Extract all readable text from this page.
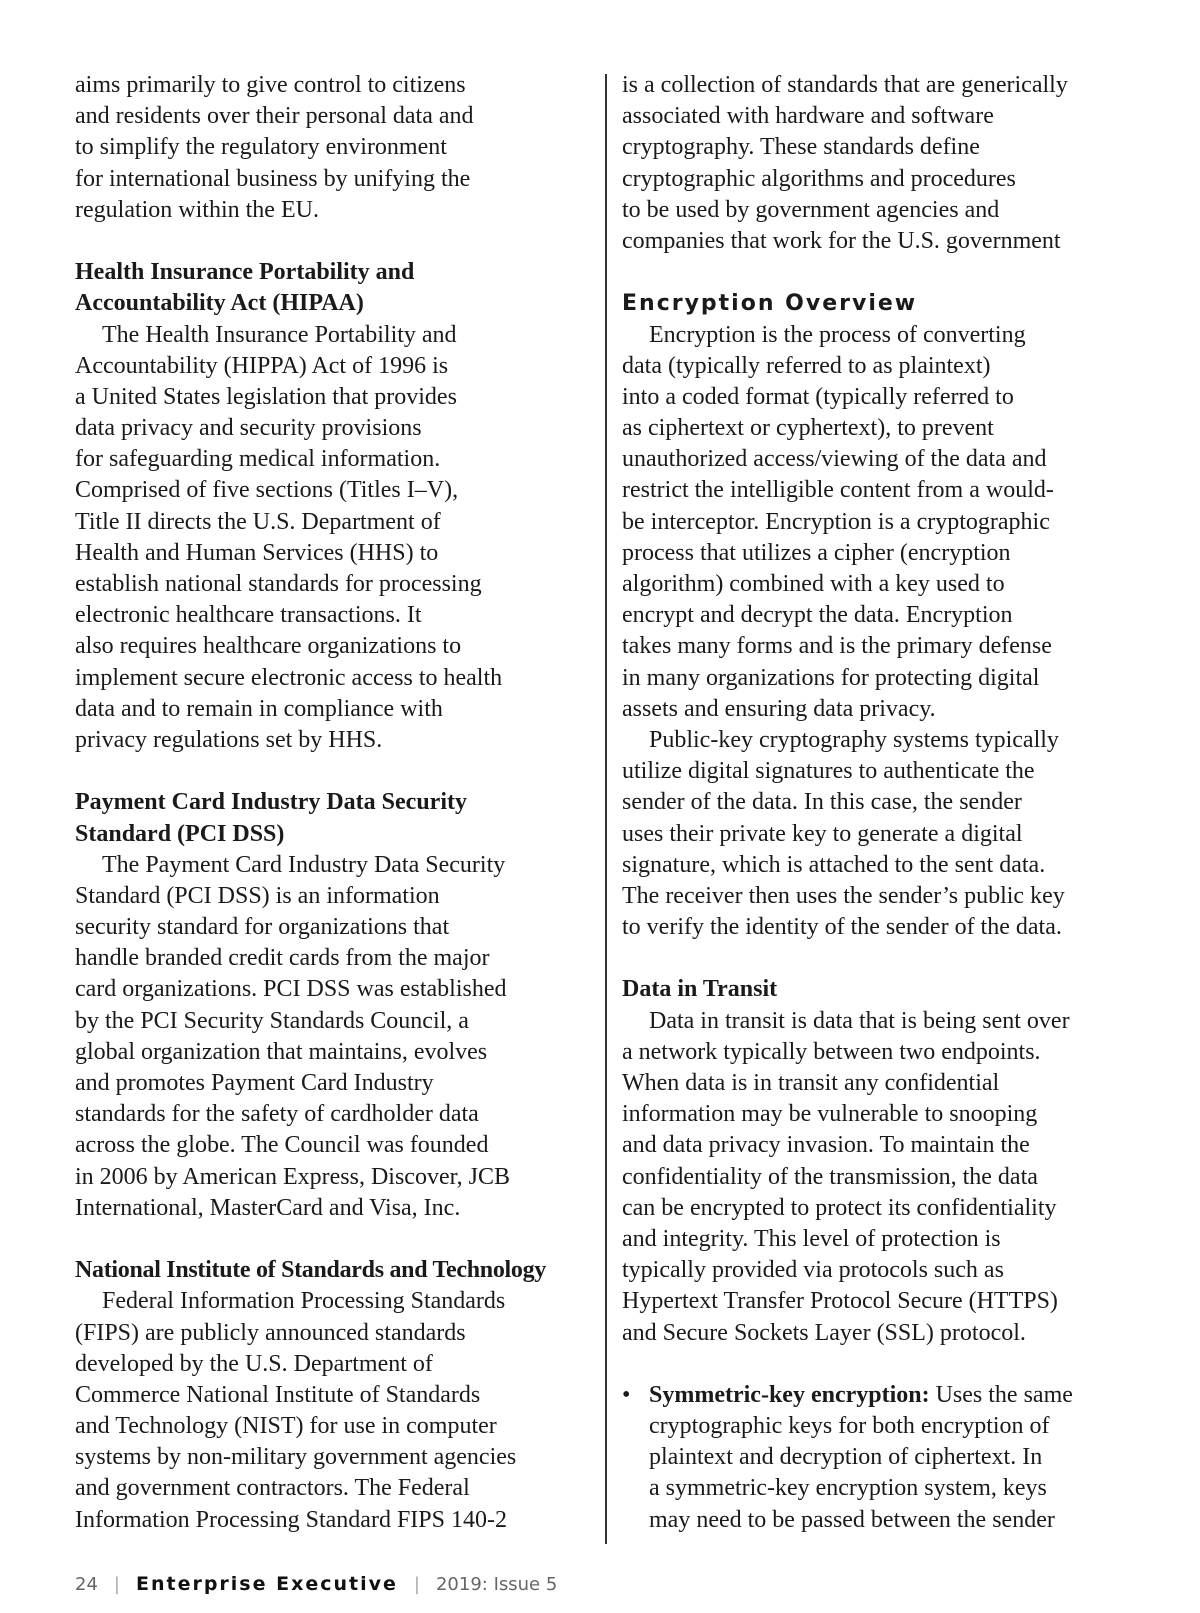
aims primarily to give control to citizens
and residents over their personal data and
to simplify the regulatory environment
for international business by unifying the
regulation within the EU.
Health Insurance Portability and
Accountability Act (HIPAA)
The Health Insurance Portability and
Accountability (HIPPA) Act of 1996 is
a United States legislation that provides
data privacy and security provisions
for safeguarding medical information.
Comprised of five sections (Titles I–V),
Title II directs the U.S. Department of
Health and Human Services (HHS) to
establish national standards for processing
electronic healthcare transactions. It
also requires healthcare organizations to
implement secure electronic access to health
data and to remain in compliance with
privacy regulations set by HHS.
Payment Card Industry Data Security
Standard (PCI DSS)
The Payment Card Industry Data Security
Standard (PCI DSS) is an information
security standard for organizations that
handle branded credit cards from the major
card organizations. PCI DSS was established
by the PCI Security Standards Council, a
global organization that maintains, evolves
and promotes Payment Card Industry
standards for the safety of cardholder data
across the globe. The Council was founded
in 2006 by American Express, Discover, JCB
International, MasterCard and Visa, Inc.
National Institute of Standards and Technology
Federal Information Processing Standards
(FIPS) are publicly announced standards
developed by the U.S. Department of
Commerce National Institute of Standards
and Technology (NIST) for use in computer
systems by non-military government agencies
and government contractors. The Federal
Information Processing Standard FIPS 140-2
is a collection of standards that are generically
associated with hardware and software
cryptography. These standards define
cryptographic algorithms and procedures
to be used by government agencies and
companies that work for the U.S. government
Encryption Overview
Encryption is the process of converting
data (typically referred to as plaintext)
into a coded format (typically referred to
as ciphertext or cyphertext), to prevent
unauthorized access/viewing of the data and
restrict the intelligible content from a would-
be interceptor. Encryption is a cryptographic
process that utilizes a cipher (encryption
algorithm) combined with a key used to
encrypt and decrypt the data. Encryption
takes many forms and is the primary defense
in many organizations for protecting digital
assets and ensuring data privacy.
Public-key cryptography systems typically
utilize digital signatures to authenticate the
sender of the data. In this case, the sender
uses their private key to generate a digital
signature, which is attached to the sent data.
The receiver then uses the sender’s public key
to verify the identity of the sender of the data.
Data in Transit
Data in transit is data that is being sent over
a network typically between two endpoints.
When data is in transit any confidential
information may be vulnerable to snooping
and data privacy invasion. To maintain the
confidentiality of the transmission, the data
can be encrypted to protect its confidentiality
and integrity. This level of protection is
typically provided via protocols such as
Hypertext Transfer Protocol Secure (HTTPS)
and Secure Sockets Layer (SSL) protocol.
• Symmetric-key encryption: Uses the same
cryptographic keys for both encryption of
plaintext and decryption of ciphertext. In
a symmetric-key encryption system, keys
may need to be passed between the sender
24 | Enterprise Executive | 2019: Issue 5
